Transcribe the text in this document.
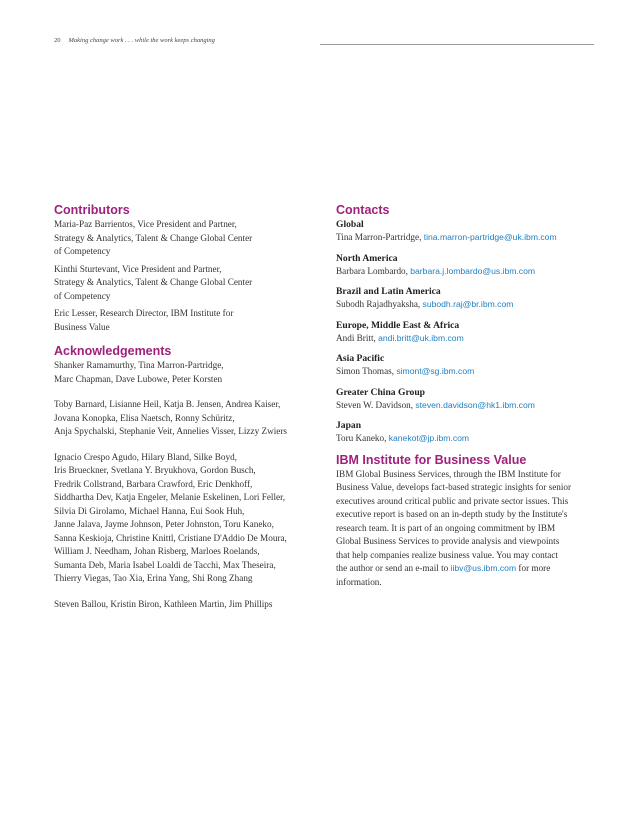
20 Making change work . . . while the work keeps changing
Contributors

Maria-Paz Barrientos, Vice President and Partner,

Strategy & Analytics, Talent & Change Global Center

of Competency

Kinthi Sturtevant, Vice President and Partner,

Strategy & Analytics, Talent & Change Global Center

of Competency

Eric Lesser, Research Director, IBM Institute for

Business Value

Acknowledgements

Shanker Ramamurthy, Tina Marron-Partridge,

Marc Chapman, Dave Lubowe, Peter Korsten

Toby Barnard, Lisianne Heil, Katja B. Jensen, Andrea Kaiser,

Jovana Konopka, Elisa Naetsch, Ronny Schüritz,

Anja Spychalski, Stephanie Veit, Annelies Visser, Lizzy Zwiers

Ignacio Crespo Agudo, Hilary Bland, Silke Boyd,

Iris Brueckner, Svetlana Y. Bryukhova, Gordon Busch,

Fredrik Collstrand, Barbara Crawford, Eric Denkhoff,

Siddhartha Dev, Katja Engeler, Melanie Eskelinen, Lori Feller,

Silvia Di Girolamo, Michael Hanna, Eui Sook Huh,

Janne Jalava, Jayme Johnson, Peter Johnston, Toru Kaneko,

Sanna Keskioja, Christine Knittl, Cristiane D'Addio De Moura,

William J. Needham, Johan Risberg, Marloes Roelands,

Sumanta Deb, Maria Isabel Loaldi de Tacchi, Max Theseira,

Thierry Viegas, Tao Xia, Erina Yang, Shi Rong Zhang

Steven Ballou, Kristin Biron, Kathleen Martin, Jim Phillips

Contacts

Global

Tina Marron-Partridge, tina.marron-partridge@uk.ibm.com

North America

Barbara Lombardo, barbara.j.lombardo@us.ibm.com

Brazil and Latin America

Subodh Rajadhyaksha, subodh.raj@br.ibm.com

Europe, Middle East & Africa

Andi Britt, andi.britt@uk.ibm.com

Asia Pacific

Simon Thomas, simont@sg.ibm.com

Greater China Group

Steven W. Davidson, steven.davidson@hk1.ibm.com

Japan

Toru Kaneko, kanekot@jp.ibm.com

IBM Institute for Business Value

IBM Global Business Services, through the IBM Institute for

Business Value, develops fact-based strategic insights for senior

executives around critical public and private sector issues. This

executive report is based on an in-depth study by the Institute's

research team. It is part of an ongoing commitment by IBM

Global Business Services to provide analysis and viewpoints

that help companies realize business value. You may contact

the author or send an e-mail to iibv@us.ibm.com for more

information.
